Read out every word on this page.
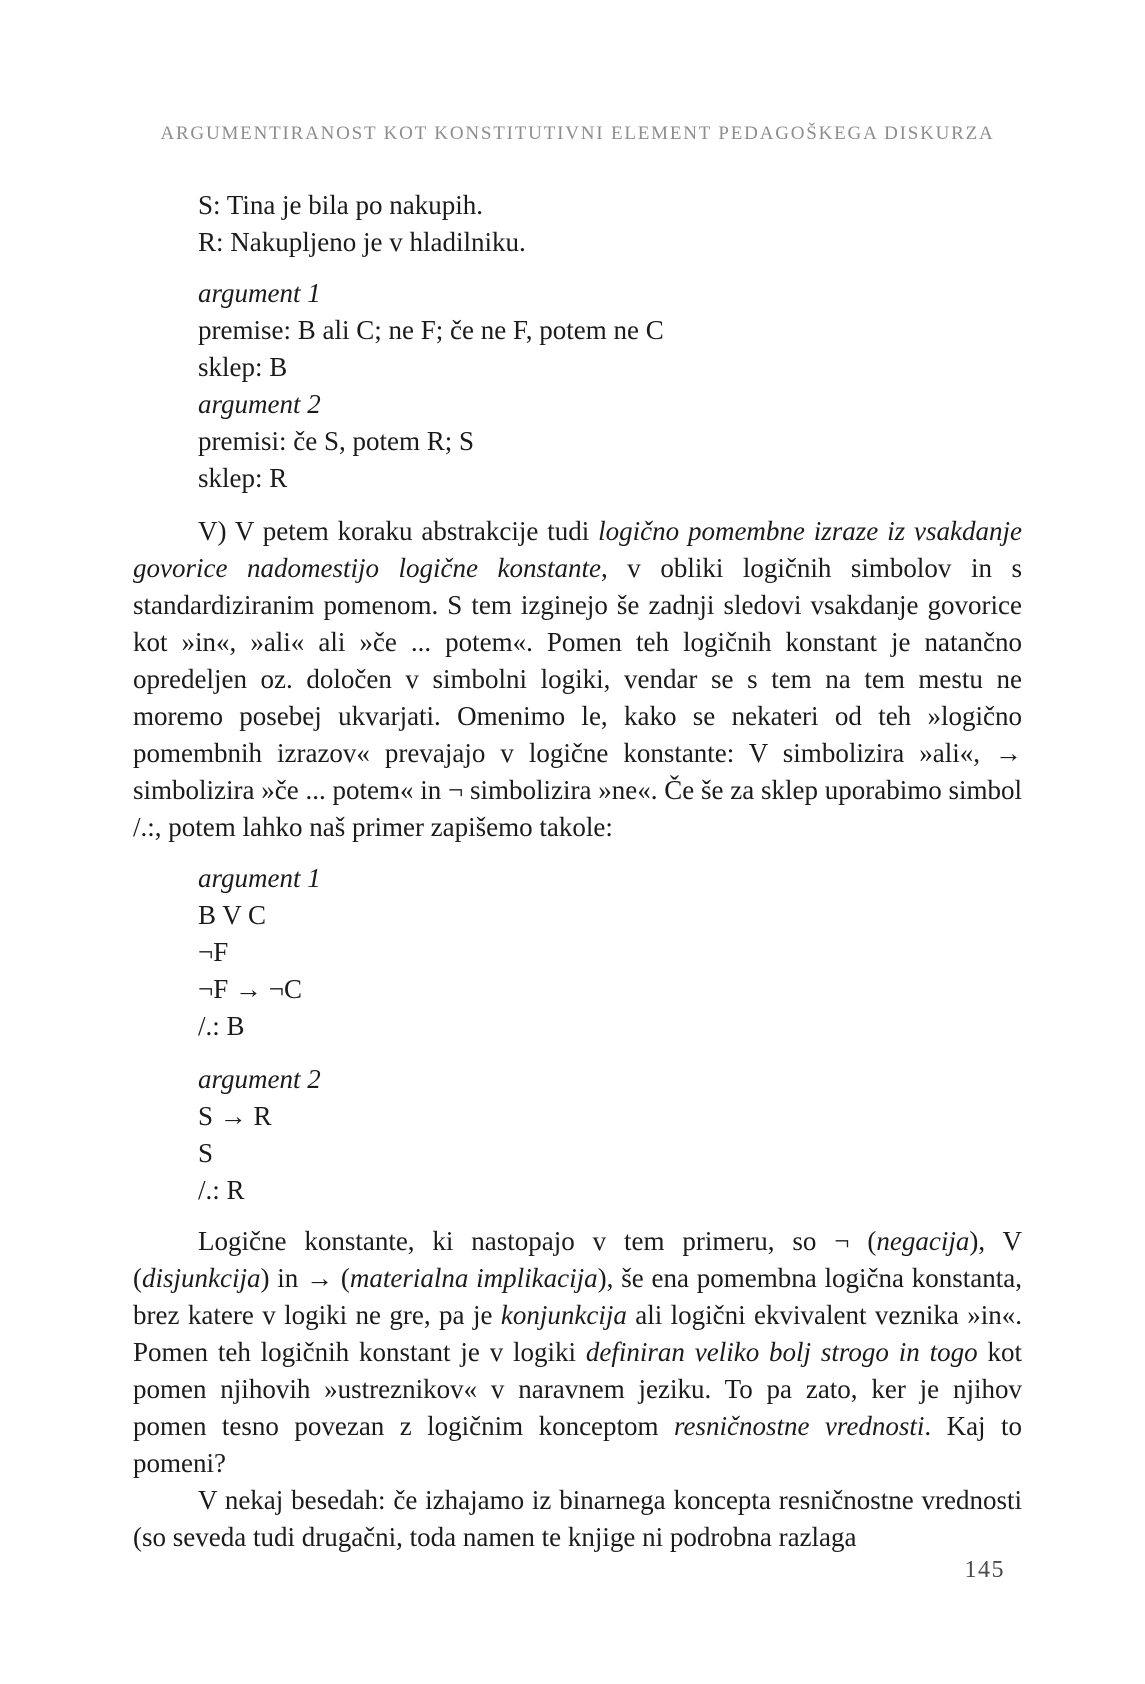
ARGUMENTIRANOST KOT KONSTITUTIVNI ELEMENT PEDAGOŠKEGA DISKURZA
S: Tina je bila po nakupih.
R: Nakupljeno je v hladilniku.
argument 1
premise: B ali C; ne F; če ne F, potem ne C
sklep: B
argument 2
premisi: če S, potem R; S
sklep: R

V) V petem koraku abstrakcije tudi logično pomembne izraze iz vsakdanje govorice nadomestijo logične konstante, v obliki logičnih simbolov in s standardiziranim pomenom. S tem izginejo še zadnji sledovi vsakdanje govorice kot »in«, »ali« ali »če ... potem«. Pomen teh logičnih konstant je natančno opredeljen oz. določen v simbolni logiki, vendar se s tem na tem mestu ne moremo posebej ukvarjati. Omenimo le, kako se nekateri od teh »logično pomembnih izrazov« prevajajo v logične konstante: V simbolizira »ali«, → simbolizira »če ... potem« in ¬ simbolizira »ne«. Če še za sklep uporabimo simbol /.:, potem lahko naš primer zapišemo takole:

argument 1
B V C
¬F
¬F → ¬C
/.: B
argument 2
S → R
S
/.: R

Logične konstante, ki nastopajo v tem primeru, so ¬ (negacija), V (disjunkcija) in → (materialna implikacija), še ena pomembna logična konstanta, brez katere v logiki ne gre, pa je konjunkcija ali logični ekvivalent veznika »in«. Pomen teh logičnih konstant je v logiki definiran veliko bolj strogo in togo kot pomen njihovih »ustreznikov« v naravnem jeziku. To pa zato, ker je njihov pomen tesno povezan z logičnim konceptom resničnostne vrednosti. Kaj to pomeni?

V nekaj besedah: če izhajamo iz binarnega koncepta resničnostne vrednosti (so seveda tudi drugačni, toda namen te knjige ni podrobna razlaga

145
